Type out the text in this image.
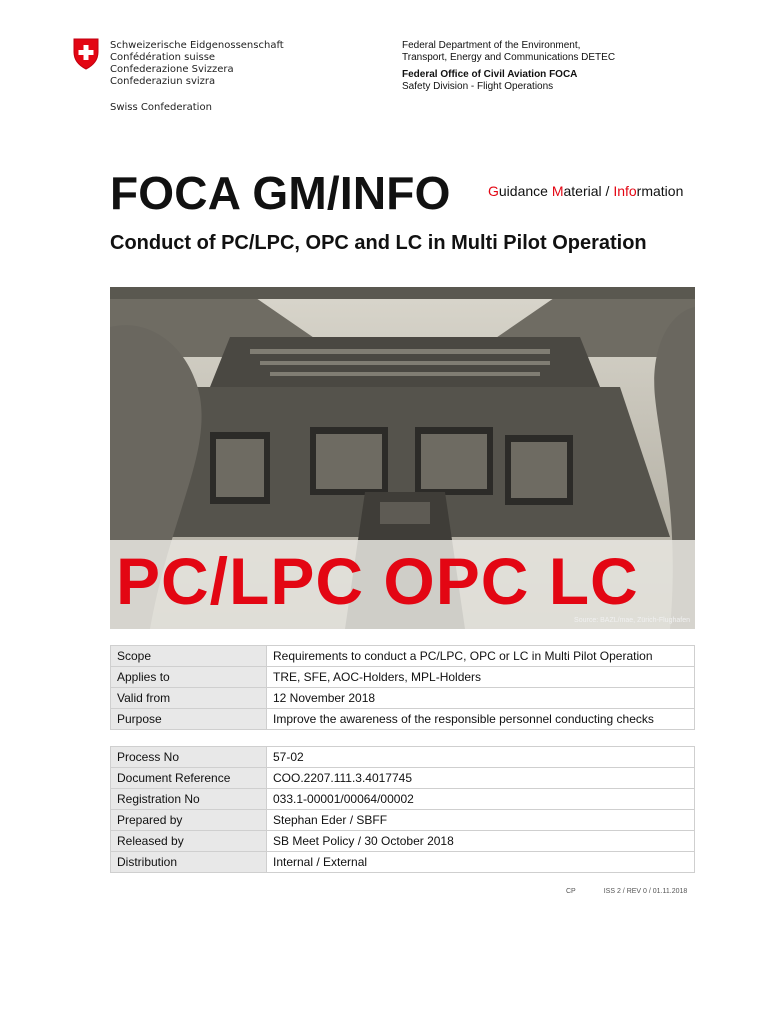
Schweizerische Eidgenossenschaft
Confédération suisse
Confederazione Svizzera
Confederaziun svizra
Swiss Confederation
Federal Department of the Environment,
Transport, Energy and Communications DETEC
Federal Office of Civil Aviation FOCA
Safety Division - Flight Operations
FOCA GM/INFO	Guidance Material / Information
Conduct of PC/LPC, OPC and LC in Multi Pilot Operation
PC/LPC OPC LC
Source: BAZL/mae, Zürich-Flughafen
Scope	Requirements to conduct a PC/LPC, OPC or LC in Multi Pilot Operation
Applies to	TRE, SFE, AOC-Holders, MPL-Holders
Valid from	12 November 2018
Purpose	Improve the awareness of the responsible personnel conducting checks
Process No	57-02
Document Reference	COO.2207.111.3.4017745
Registration No	033.1-00001/00064/00002
Prepared by	Stephan Eder / SBFF
Released by	SB Meet Policy / 30 October 2018
Distribution	Internal / External
CP	ISS 2 / REV 0 / 01.11.2018
